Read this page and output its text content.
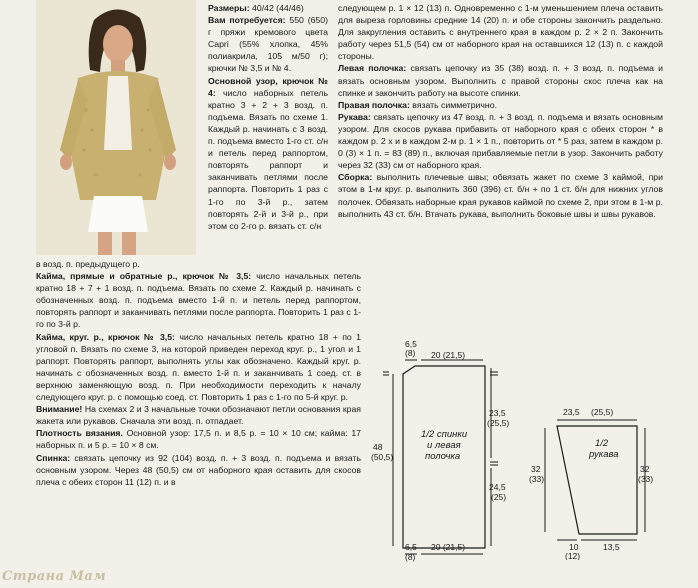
Размеры: 40/42 (44/46)

Вам потребуется: 550 (650) г пряжи кремового цвета Capri (55% хлопка, 45% полиакрила, 105 м/50 г); крючки № 3,5 и № 4.

Основной узор, крючок № 4: число наборных петель кратно 3 + 2 + 3 возд. п. подъема. Вязать по схеме 1. Каждый р. начинать с 3 возд. п. подъема вместо 1-го ст. с/н и петель перед раппортом, повторять раппорт и заканчивать петлями после раппорта. Повторить 1 раз с 1-го по 3-й р., затем повторять 2-й и 3-й р., при этом со 2-го р. вязать ст. с/н

в возд. п. предыдущего р.

Кайма, прямые и обратные р., крючок № 3,5: число начальных петель кратно 18 + 7 + 1 возд. п. подъема. Вязать по схеме 2. Каждый р. начинать с обозначенных возд. п. подъема вместо 1-й п. и петель перед раппортом, повторять раппорт и заканчивать петлями после раппорта. Повторить 1 раз с 1-го по 3-й р.

Кайма, круг. р., крючок № 3,5: число начальных петель кратно 18 + по 1 угловой п. Вязать по схеме 3, на которой приведен переход круг. р., 1 угол и 1 раппорт. Повторять раппорт, выполнять углы как обозначено. Каждый круг. р. начинать с обозначенных возд. п. вместо 1-й п. и заканчивать 1 соед. ст. в верхнюю заменяющую возд. п. При необходимости переходить к началу следующего круг. р. с помощью соед. ст. Повторить 1 раз с 1-го по 5-й круг. р.

Внимание! На схемах 2 и 3 начальные точки обозначают петли основания края жакета или рукавов. Сначала эти возд. п. отпадает.

Плотность вязания. Основной узор: 17,5 п. и 8,5 р. = 10 × 10 см; кайма: 17 наборных п. и 5 р. = 10 × 8 см.

Спинка: связать цепочку из 92 (104) возд. п. + 3 возд. п. подъема и вязать основным узором. Через 48 (50,5) см от наборного края оставить для скосов плеча с обеих сторон 11 (12) п. и в

следующем р. 1 × 12 (13) п. Одновременно с 1-м уменьшением плеча оставить для выреза горловины средние 14 (20) п. и обе стороны закончить раздельно. Для закругления оставить с внутреннего края в каждом р. 2 × 2 п. Закончить работу через 51,5 (54) см от наборного края на оставшихся 12 (13) п. с каждой стороны.

Левая полочка: связать цепочку из 35 (38) возд. п. + 3 возд. п. подъема и вязать основным узором. Выполнить с правой стороны скос плеча как на спинке и закончить работу на высоте спинки.

Правая полочка: вязать симметрично.

Рукава: связать цепочку из 47 возд. п. + 3 возд. п. подъема и вязать основным узором. Для скосов рукава прибавить от наборного края с обеих сторон * в каждом р. 2 х и в каждом 2-м р. 1 × 1 п., повторить от * 5 раз, затем в каждом р. 0 (3) × 1 п. = 83 (89) п., включая прибавляемые петли в узор. Закончить работу через 32 (33) см от наборного края.

Сборка: выполнить плечевые швы; обвязать жакет по схеме 3 каймой, при этом в 1-м круг. р. выполнить 360 (396) ст. б/н + по 1 ст. б/н для нижних углов полочек. Обвязать наборные края рукавов каймой по схеме 2, при этом в 1-м р. выполнить 43 ст. б/н. Втачать рукава, выполнить боковые швы и швы рукавов.

6,5
(8) 20 (21,5)
48
(50,5)
23,5
(25,5)
24,5
(25)
6,5
(8)
20 (21,5)
1/2 спинки
и левая
полочка
23,5 (25,5)
32
(33)
32
(33)
10
(12)
13,5
1/2
рукава
Страна Мам
